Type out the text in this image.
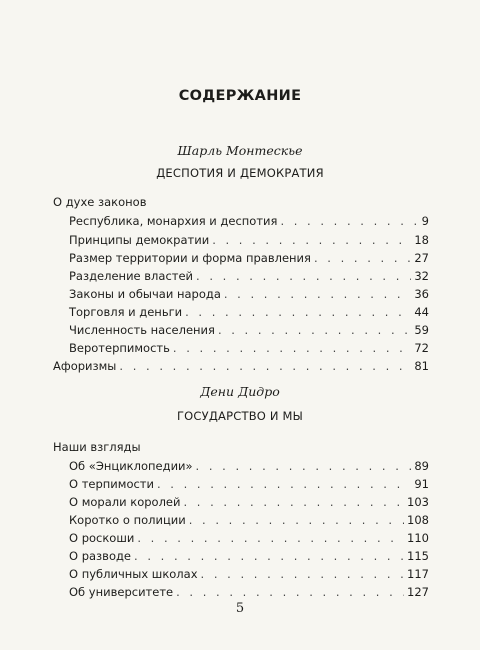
СОДЕРЖАНИЕ
Шарль Монтескье
ДЕСПОТИЯ И ДЕМОКРАТИЯ
О духе законов
Республика, монархия и деспотия . . .	9
Принципы демократии . . .	18
Размер территории и форма правления . . .	27
Разделение властей . . .	32
Законы и обычаи народа . . .	36
Торговля и деньги . . .	44
Численность населения . . .	59
Веротерпимость . . .	72
Афоризмы . . .	81
Дени Дидро
ГОСУДАРСТВО И МЫ
Наши взгляды
Об «Энциклопедии» . . .	89
О терпимости . . .	91
О морали королей . . .	103
Коротко о полиции . . .	108
О роскоши . . .	110
О разводе . . .	115
О публичных школах . . .	117
Об университете . . .	127
5
